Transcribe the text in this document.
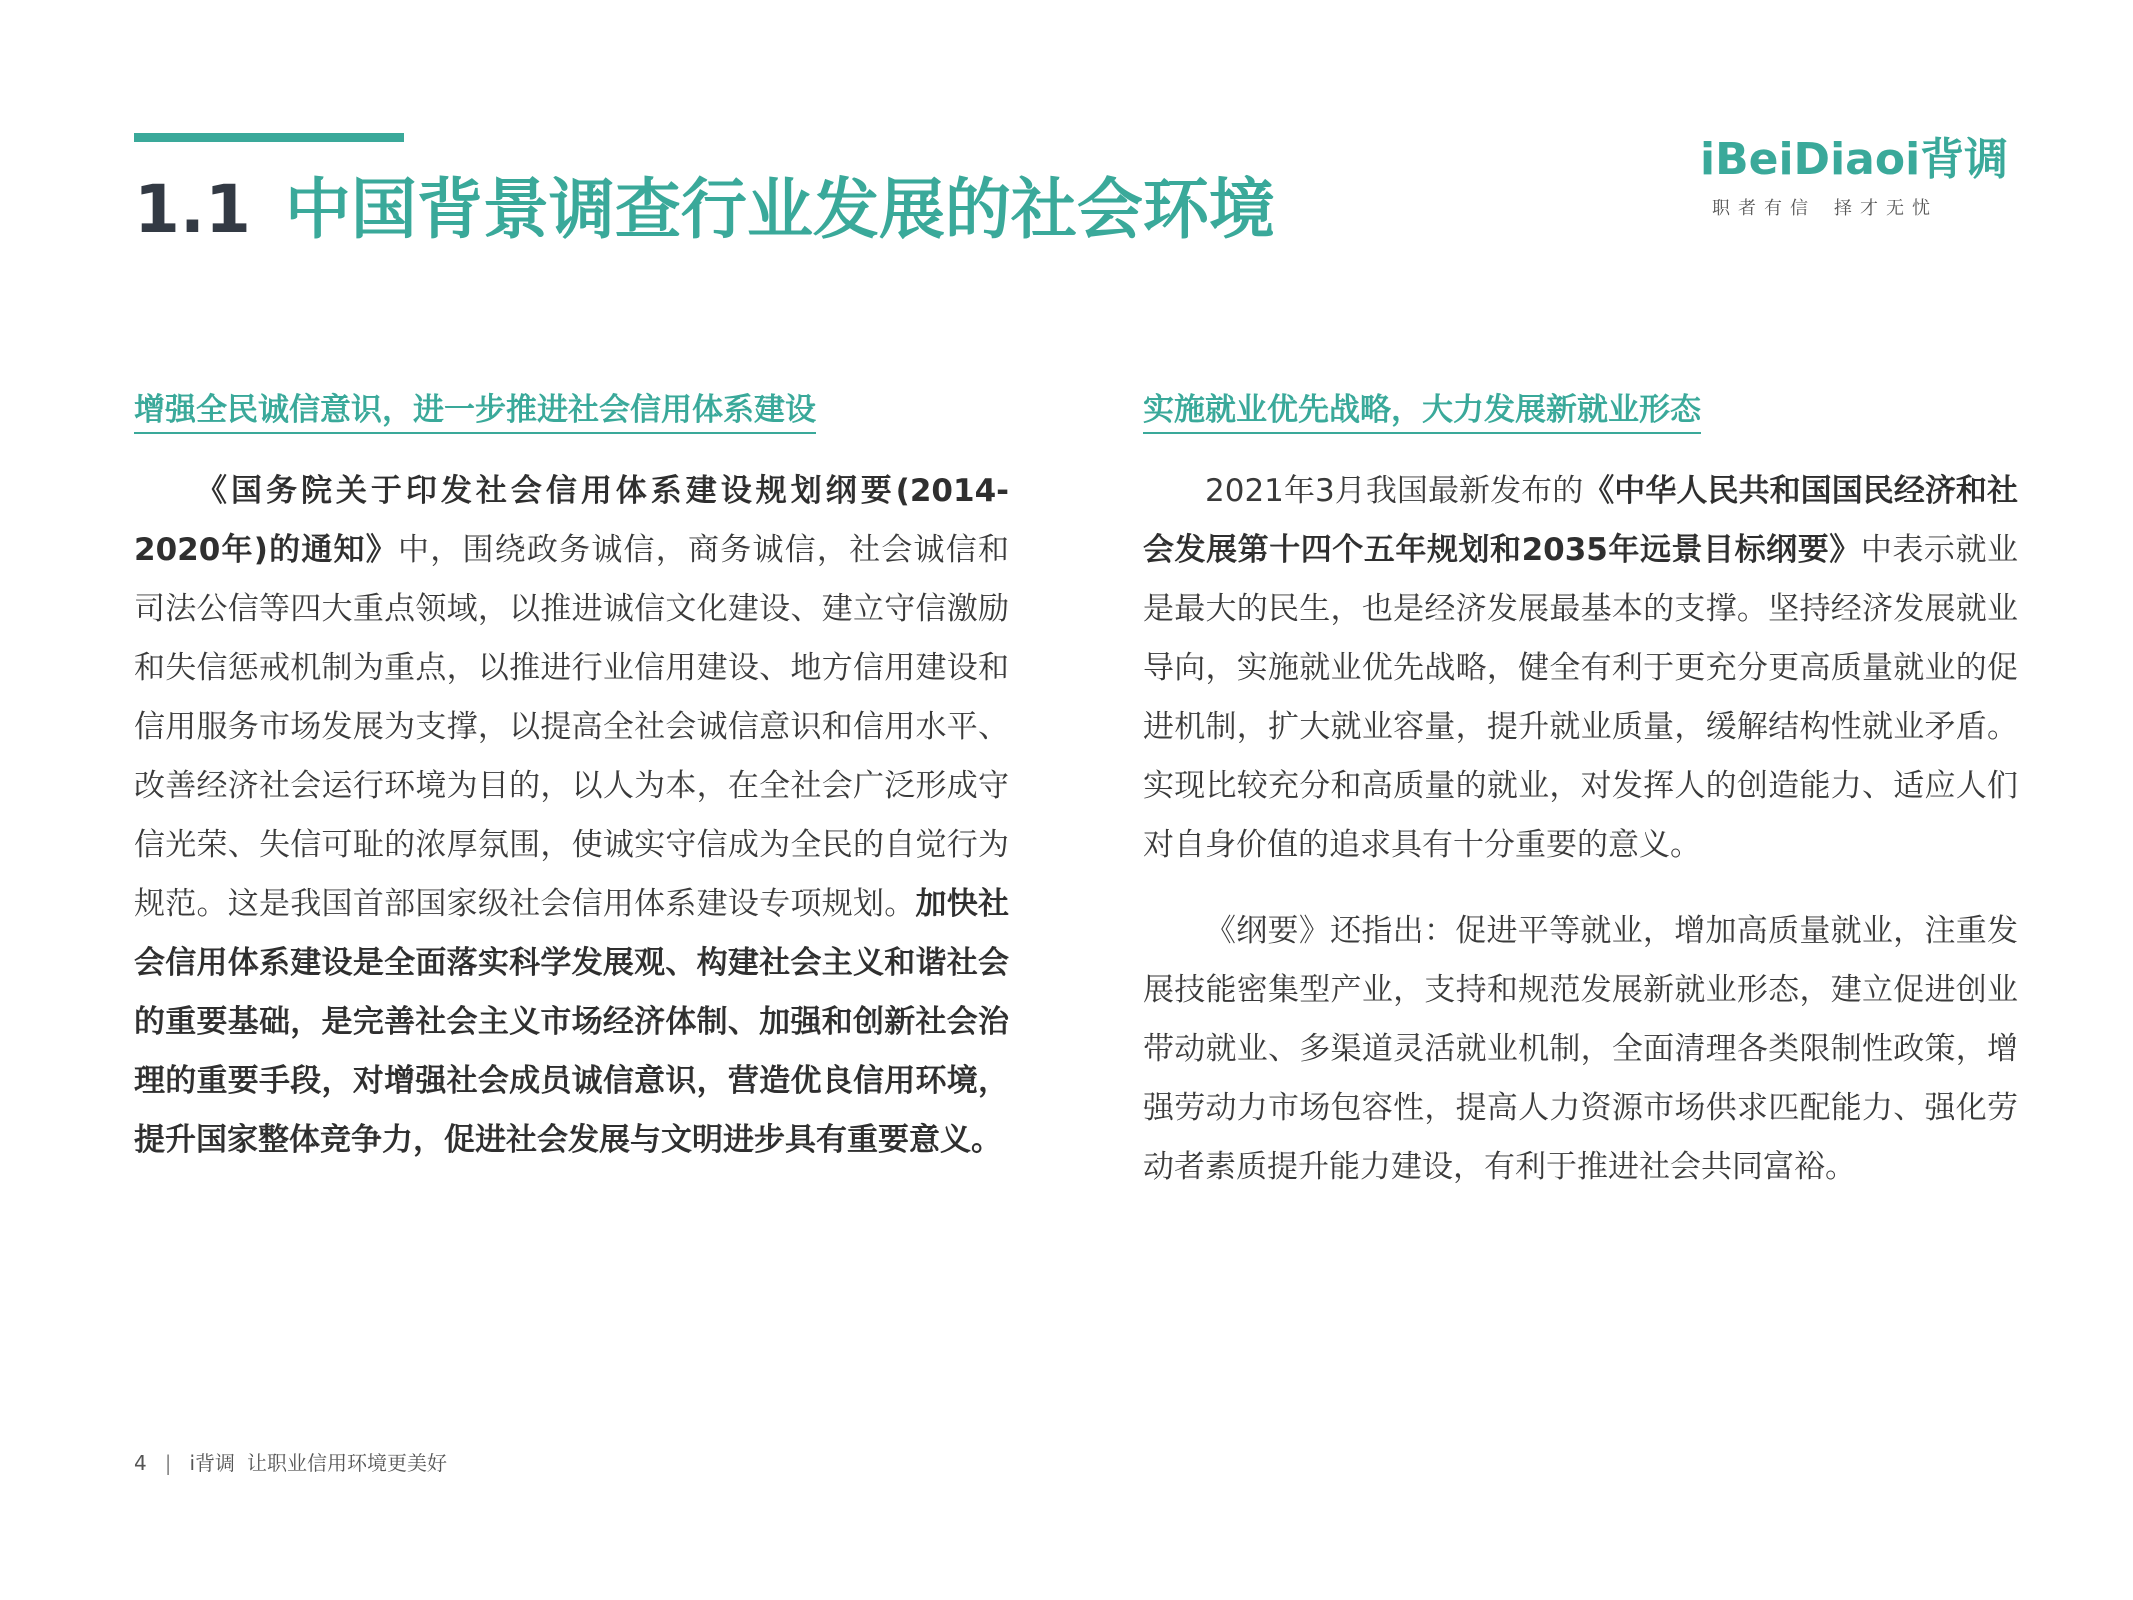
1.1 中国背景调查行业发展的社会环境
iBeiDiaoi背调
职者有信 择才无忧
增强全民诚信意识，进一步推进社会信用体系建设

《国务院关于印发社会信用体系建设规划纲要(2014-2020年)的通知》中，围绕政务诚信，商务诚信，社会诚信和司法公信等四大重点领域，以推进诚信文化建设、建立守信激励和失信惩戒机制为重点，以推进行业信用建设、地方信用建设和信用服务市场发展为支撑，以提高全社会诚信意识和信用水平、改善经济社会运行环境为目的，以人为本，在全社会广泛形成守信光荣、失信可耻的浓厚氛围，使诚实守信成为全民的自觉行为规范。这是我国首部国家级社会信用体系建设专项规划。加快社会信用体系建设是全面落实科学发展观、构建社会主义和谐社会的重要基础，是完善社会主义市场经济体制、加强和创新社会治理的重要手段，对增强社会成员诚信意识，营造优良信用环境，提升国家整体竞争力，促进社会发展与文明进步具有重要意义。

实施就业优先战略，大力发展新就业形态

2021年3月我国最新发布的《中华人民共和国国民经济和社会发展第十四个五年规划和2035年远景目标纲要》中表示就业是最大的民生，也是经济发展最基本的支撑。坚持经济发展就业导向，实施就业优先战略，健全有利于更充分更高质量就业的促进机制，扩大就业容量，提升就业质量，缓解结构性就业矛盾。实现比较充分和高质量的就业，对发挥人的创造能力、适应人们对自身价值的追求具有十分重要的意义。

《纲要》还指出：促进平等就业，增加高质量就业，注重发展技能密集型产业，支持和规范发展新就业形态，建立促进创业带动就业、多渠道灵活就业机制，全面清理各类限制性政策，增强劳动力市场包容性，提高人力资源市场供求匹配能力、强化劳动者素质提升能力建设，有利于推进社会共同富裕。

4 | i背调 让职业信用环境更美好
